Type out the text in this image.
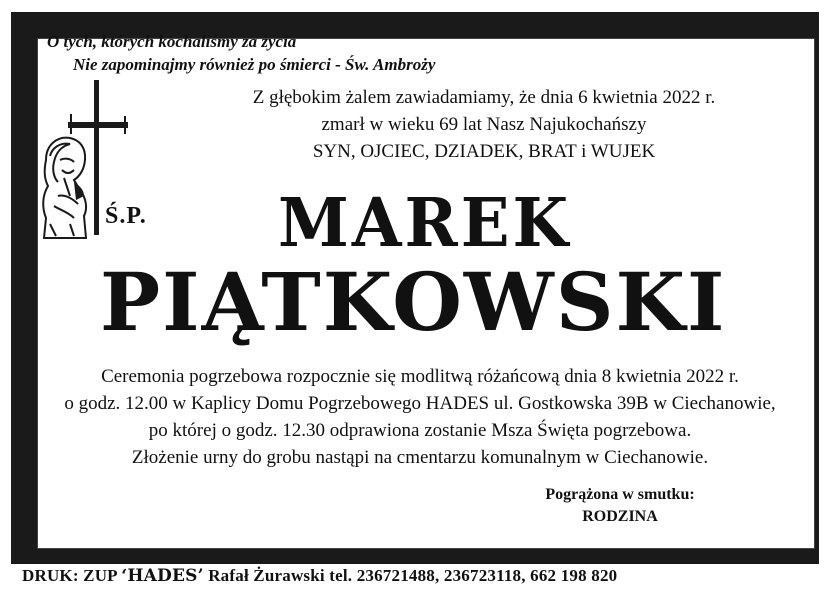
O tych, których kochaliśmy za życia
Nie zapominajmy również po śmierci - Św. Ambroży
Z głębokim żalem zawiadamiamy, że dnia 6 kwietnia 2022 r.
zmarł w wieku 69 lat Nasz Najukochańszy
SYN, OJCIEC, DZIADEK, BRAT i WUJEK
Ś.P. MAREK
PIĄTKOWSKI
Ceremonia pogrzebowa rozpocznie się modlitwą różańcową dnia 8 kwietnia 2022 r.
o godz. 12.00 w Kaplicy Domu Pogrzebowego HADES ul. Gostkowska 39B w Ciechanowie,
po której o godz. 12.30 odprawiona zostanie Msza Święta pogrzebowa.
Złożenie urny do grobu nastąpi na cmentarzu komunalnym w Ciechanowie.
Pogrążona w smutku:
RODZINA
DRUK: ZUP ‘HADES’ Rafał Żurawski tel. 236721488, 236723118, 662 198 820
